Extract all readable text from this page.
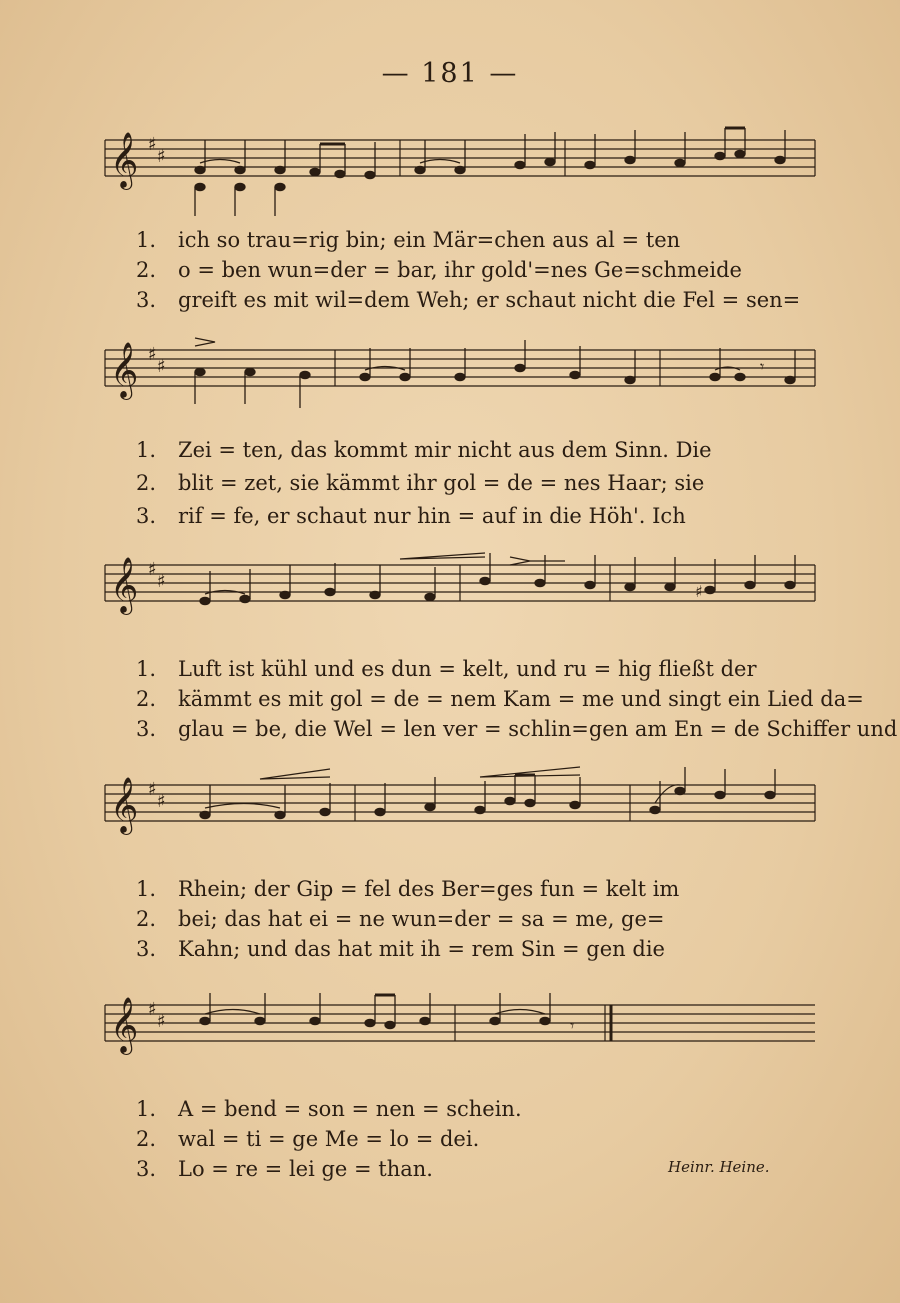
— 181 —
𝄞 ♯
♯
1. ich so trau=rig bin; ein Mär=chen aus al = ten
2. o = ben wun=der = bar, ihr gold'=nes Ge=schmeide
3. greift es mit wil=dem Weh; er schaut nicht die Fel = sen=
𝄞 ♯
♯	𝄾
1. Zei = ten, das kommt mir nicht aus dem Sinn. Die
2. blit = zet, sie kämmt ihr gol = de = nes Haar; sie
3. rif = fe, er schaut nur hin = auf in die Höh'. Ich
𝄞 ♯
♯	♯
1. Luft ist kühl und es dun = kelt, und ru = hig fließt der
2. kämmt es mit gol = de = nem Kam = me und singt ein Lied da=
3. glau = be, die Wel = len ver = schlin=gen am En = de Schiffer und
𝄞 ♯
♯
1. Rhein; der Gip = fel des Ber=ges fun = kelt im
2. bei; das hat ei = ne wun=der = sa = me, ge=
3. Kahn; und das hat mit ih = rem Sin = gen die
𝄞 ♯
♯	𝄾
1. A = bend = son = nen = schein.
2. wal = ti = ge Me = lo = dei.
3. Lo = re = lei ge = than.	Heinr. Heine.
